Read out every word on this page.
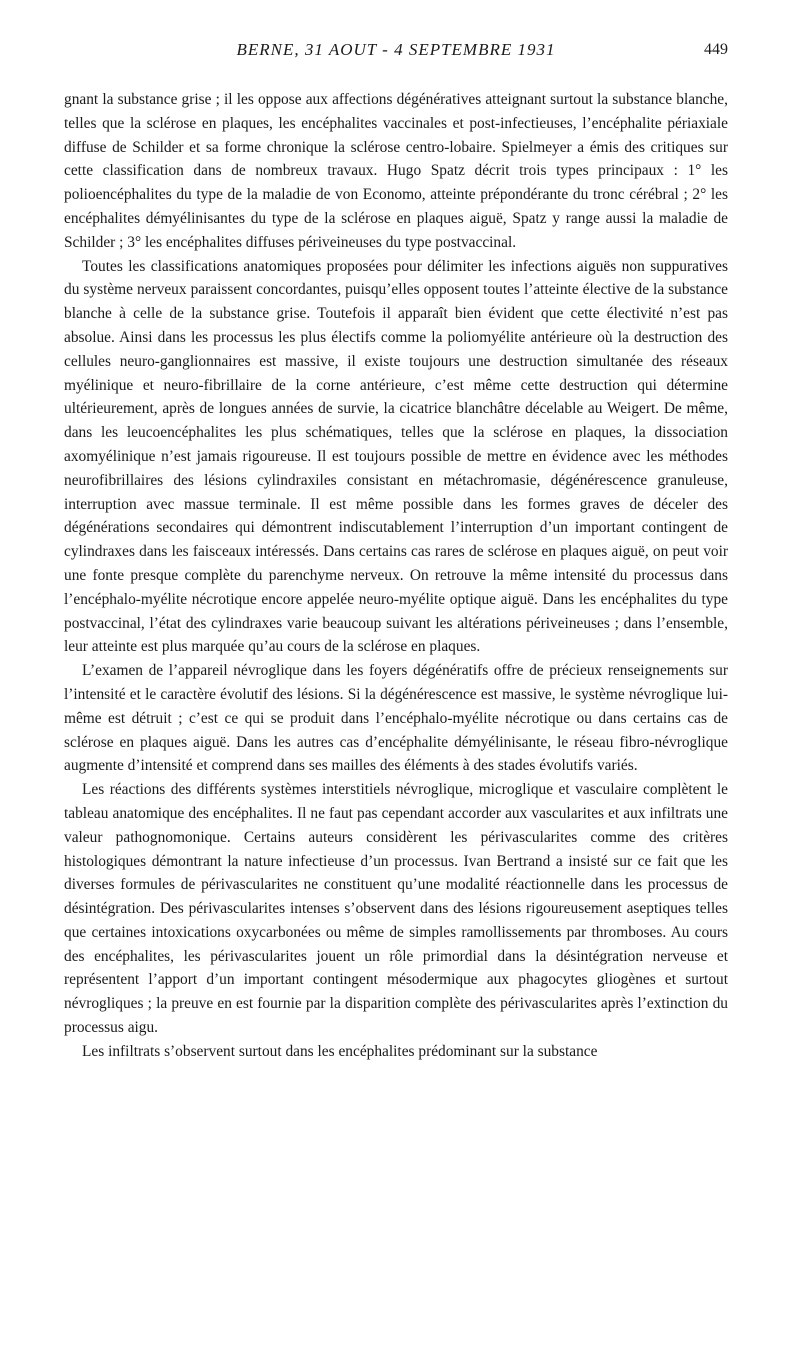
BERNE, 31 AOUT - 4 SEPTEMBRE 1931	449

gnant la substance grise ; il les oppose aux affections dégénératives atteignant surtout la substance blanche, telles que la sclérose en plaques, les encéphalites vaccinales et post-infectieuses, l’encéphalite périaxiale diffuse de Schilder et sa forme chronique la sclérose centro-lobaire. Spielmeyer a émis des critiques sur cette classification dans de nombreux travaux. Hugo Spatz décrit trois types principaux : 1° les polioencéphalites du type de la maladie de von Economo, atteinte prépondérante du tronc cérébral ; 2° les encéphalites démyélinisantes du type de la sclérose en plaques aiguë, Spatz y range aussi la maladie de Schilder ; 3° les encéphalites diffuses périveineuses du type postvaccinal.

Toutes les classifications anatomiques proposées pour délimiter les infections aiguës non suppuratives du système nerveux paraissent concordantes, puisqu’elles opposent toutes l’atteinte élective de la substance blanche à celle de la substance grise. Toutefois il apparaît bien évident que cette électivité n’est pas absolue. Ainsi dans les processus les plus électifs comme la poliomyélite antérieure où la destruction des cellules neuro-ganglionnaires est massive, il existe toujours une destruction simultanée des réseaux myélinique et neuro-fibrillaire de la corne antérieure, c’est même cette destruction qui détermine ultérieurement, après de longues années de survie, la cicatrice blanchâtre décelable au Weigert. De même, dans les leucoencéphalites les plus schématiques, telles que la sclérose en plaques, la dissociation axomyélinique n’est jamais rigoureuse. Il est toujours possible de mettre en évidence avec les méthodes neurofibrillaires des lésions cylindraxiles consistant en métachromasie, dégénérescence granuleuse, interruption avec massue terminale. Il est même possible dans les formes graves de déceler des dégénérations secondaires qui démontrent indiscutablement l’interruption d’un important contingent de cylindraxes dans les faisceaux intéressés. Dans certains cas rares de sclérose en plaques aiguë, on peut voir une fonte presque complète du parenchyme nerveux. On retrouve la même intensité du processus dans l’encéphalo-myélite nécrotique encore appelée neuro-myélite optique aiguë. Dans les encéphalites du type postvaccinal, l’état des cylindraxes varie beaucoup suivant les altérations périveineuses ; dans l’ensemble, leur atteinte est plus marquée qu’au cours de la sclérose en plaques.

L’examen de l’appareil névroglique dans les foyers dégénératifs offre de précieux renseignements sur l’intensité et le caractère évolutif des lésions. Si la dégénérescence est massive, le système névroglique lui-même est détruit ; c’est ce qui se produit dans l’encéphalo-myélite nécrotique ou dans certains cas de sclérose en plaques aiguë. Dans les autres cas d’encéphalite démyélinisante, le réseau fibro-névroglique augmente d’intensité et comprend dans ses mailles des éléments à des stades évolutifs variés.

Les réactions des différents systèmes interstitiels névroglique, microglique et vasculaire complètent le tableau anatomique des encéphalites. Il ne faut pas cependant accorder aux vascularites et aux infiltrats une valeur pathognomonique. Certains auteurs considèrent les périvascularites comme des critères histologiques démontrant la nature infectieuse d’un processus. Ivan Bertrand a insisté sur ce fait que les diverses formules de périvascularites ne constituent qu’une modalité réactionnelle dans les processus de désintégration. Des périvascularites intenses s’observent dans des lésions rigoureusement aseptiques telles que certaines intoxications oxycarbonées ou même de simples ramollissements par thromboses. Au cours des encéphalites, les périvascularites jouent un rôle primordial dans la désintégration nerveuse et représentent l’apport d’un important contingent mésodermique aux phagocytes gliogènes et surtout névrogliques ; la preuve en est fournie par la disparition complète des périvascularites après l’extinction du processus aigu.

Les infiltrats s’observent surtout dans les encéphalites prédominant sur la substance
